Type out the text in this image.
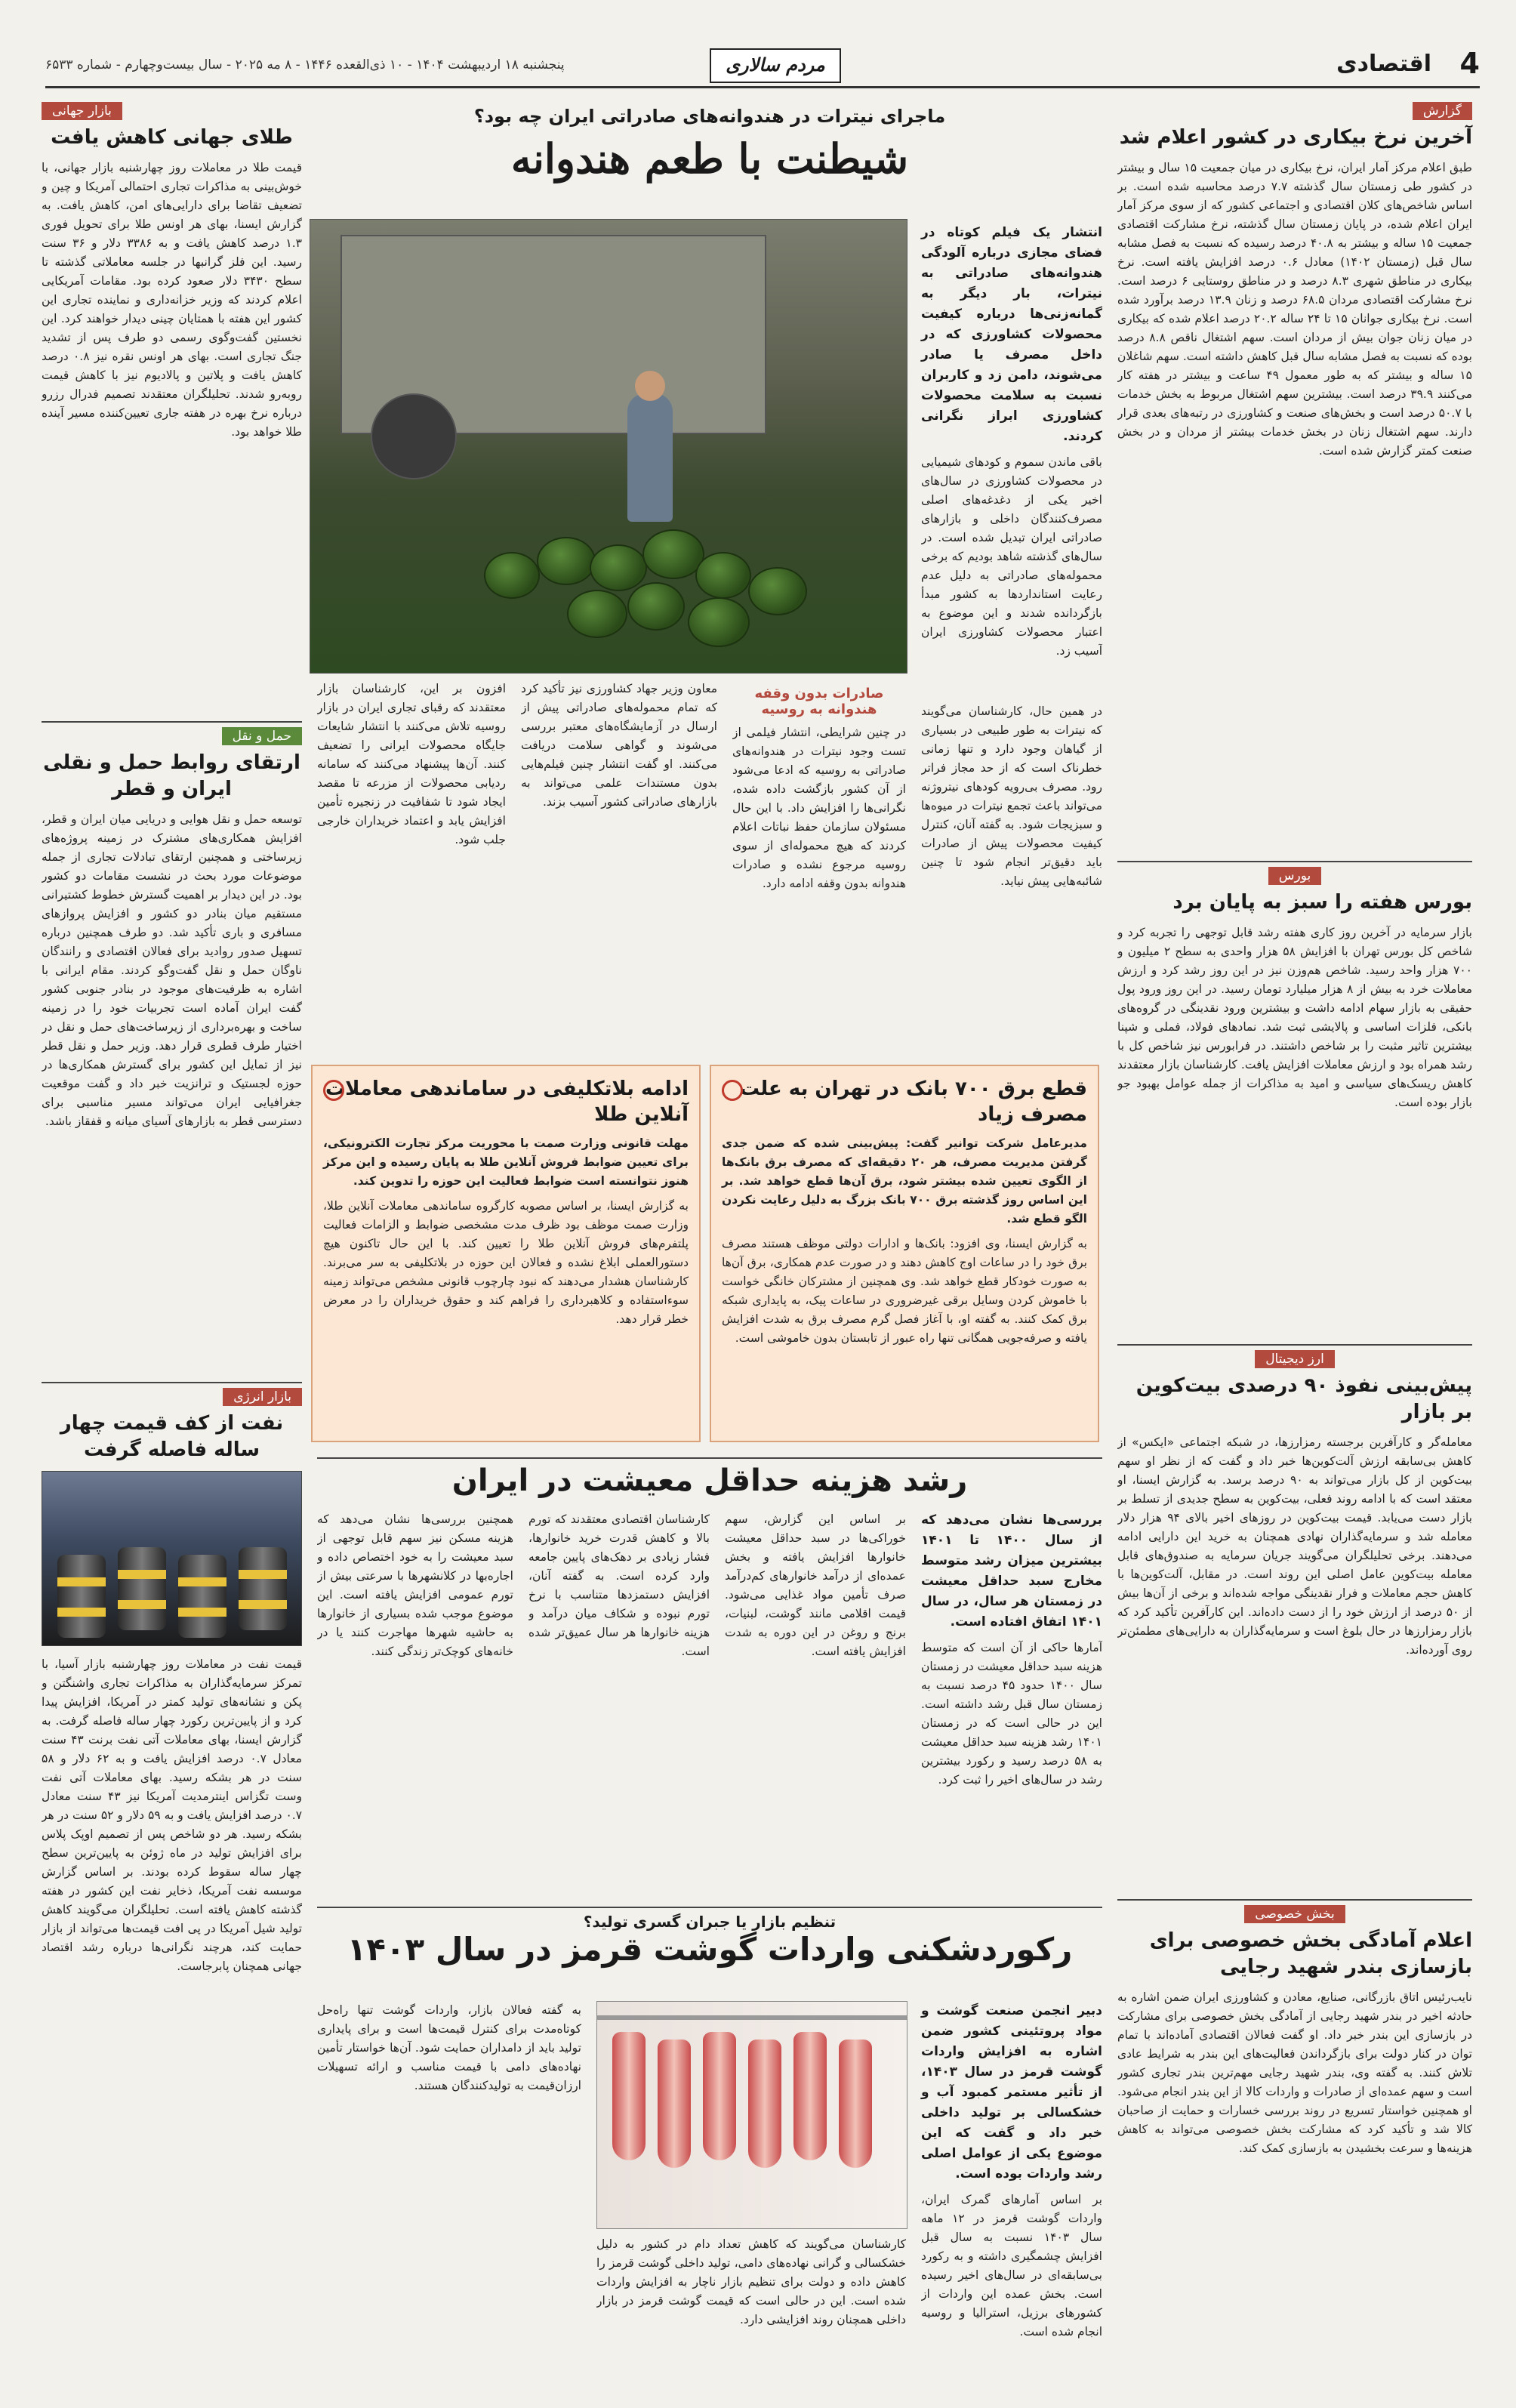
4
اقتصادی
مردم سالاری
پنجشنبه ۱۸ اردیبهشت ۱۴۰۴ - ۱۰ ذی‌القعده ۱۴۴۶ - ۸ مه ۲۰۲۵ - سال بیست‌وچهارم - شماره ۶۵۳۳
گزارش
آخرین نرخ بیکاری در کشور اعلام شد
طبق اعلام مرکز آمار ایران، نرخ بیکاری در میان جمعیت ۱۵ سال و بیشتر در کشور طی زمستان سال گذشته ۷.۷ درصد محاسبه شده است. بر اساس شاخص‌های کلان اقتصادی و اجتماعی کشور که از سوی مرکز آمار ایران اعلام شده، در پایان زمستان سال گذشته، نرخ مشارکت اقتصادی جمعیت ۱۵ ساله و بیشتر به ۴۰.۸ درصد رسیده که نسبت به فصل مشابه سال قبل (زمستان ۱۴۰۲) معادل ۰.۶ درصد افزایش یافته است. نرخ بیکاری در مناطق شهری ۸.۳ درصد و در مناطق روستایی ۶ درصد است. نرخ مشارکت اقتصادی مردان ۶۸.۵ درصد و زنان ۱۳.۹ درصد برآورد شده است. نرخ بیکاری جوانان ۱۵ تا ۲۴ ساله ۲۰.۲ درصد اعلام شده که بیکاری در میان زنان جوان بیش از مردان است. سهم اشتغال ناقص ۸.۸ درصد بوده که نسبت به فصل مشابه سال قبل کاهش داشته است. سهم شاغلان ۱۵ ساله و بیشتر که به طور معمول ۴۹ ساعت و بیشتر در هفته کار می‌کنند ۳۹.۹ درصد است. بیشترین سهم اشتغال مربوط به بخش خدمات با ۵۰.۷ درصد است و بخش‌های صنعت و کشاورزی در رتبه‌های بعدی قرار دارند. سهم اشتغال زنان در بخش خدمات بیشتر از مردان و در بخش صنعت کمتر گزارش شده است.
بورس
بورس هفته را سبز به پایان برد
بازار سرمایه در آخرین روز کاری هفته رشد قابل توجهی را تجربه کرد و شاخص کل بورس تهران با افزایش ۵۸ هزار واحدی به سطح ۲ میلیون و ۷۰۰ هزار واحد رسید. شاخص هم‌وزن نیز در این روز رشد کرد و ارزش معاملات خرد به بیش از ۸ هزار میلیارد تومان رسید. در این روز ورود پول حقیقی به بازار سهام ادامه داشت و بیشترین ورود نقدینگی در گروه‌های بانکی، فلزات اساسی و پالایشی ثبت شد. نمادهای فولاد، فملی و شپنا بیشترین تاثیر مثبت را بر شاخص داشتند. در فرابورس نیز شاخص کل با رشد همراه بود و ارزش معاملات افزایش یافت. کارشناسان بازار معتقدند کاهش ریسک‌های سیاسی و امید به مذاکرات از جمله عوامل بهبود جو بازار بوده است.
ارز دیجیتال
پیش‌بینی نفوذ ۹۰ درصدی بیت‌کوین بر بازار
معامله‌گر و کارآفرین برجسته رمزارزها، در شبکه اجتماعی «ایکس» از کاهش بی‌سابقه ارزش آلت‌کوین‌ها خبر داد و گفت که از نظر او سهم بیت‌کوین از کل بازار می‌تواند به ۹۰ درصد برسد. به گزارش ایسنا، او معتقد است که با ادامه روند فعلی، بیت‌کوین به سطح جدیدی از تسلط بر بازار دست می‌یابد. قیمت بیت‌کوین در روزهای اخیر بالای ۹۴ هزار دلار معامله شد و سرمایه‌گذاران نهادی همچنان به خرید این دارایی ادامه می‌دهند. برخی تحلیلگران می‌گویند جریان سرمایه به صندوق‌های قابل معامله بیت‌کوین عامل اصلی این روند است. در مقابل، آلت‌کوین‌ها با کاهش حجم معاملات و فرار نقدینگی مواجه شده‌اند و برخی از آن‌ها بیش از ۵۰ درصد از ارزش خود را از دست داده‌اند. این کارآفرین تأکید کرد که بازار رمزارزها در حال بلوغ است و سرمایه‌گذاران به دارایی‌های مطمئن‌تر روی آورده‌اند.
بخش خصوصی
اعلام آمادگی بخش خصوصی برای بازسازی بندر شهید رجایی
نایب‌رئیس اتاق بازرگانی، صنایع، معادن و کشاورزی ایران ضمن اشاره به حادثه اخیر در بندر شهید رجایی از آمادگی بخش خصوصی برای مشارکت در بازسازی این بندر خبر داد. او گفت فعالان اقتصادی آماده‌اند با تمام توان در کنار دولت برای بازگرداندن فعالیت‌های این بندر به شرایط عادی تلاش کنند. به گفته وی، بندر شهید رجایی مهم‌ترین بندر تجاری کشور است و سهم عمده‌ای از صادرات و واردات کالا از این بندر انجام می‌شود. او همچنین خواستار تسریع در روند بررسی خسارات و حمایت از صاحبان کالا شد و تأکید کرد که مشارکت بخش خصوصی می‌تواند به کاهش هزینه‌ها و سرعت بخشیدن به بازسازی کمک کند.
بازار جهانی
طلای جهانی کاهش یافت
قیمت طلا در معاملات روز چهارشنبه بازار جهانی، با خوش‌بینی به مذاکرات تجاری احتمالی آمریکا و چین و تضعیف تقاضا برای دارایی‌های امن، کاهش یافت. به گزارش ایسنا، بهای هر اونس طلا برای تحویل فوری ۱.۳ درصد کاهش یافت و به ۳۳۸۶ دلار و ۳۶ سنت رسید. این فلز گرانبها در جلسه معاملاتی گذشته تا سطح ۳۴۳۰ دلار صعود کرده بود. مقامات آمریکایی اعلام کردند که وزیر خزانه‌داری و نماینده تجاری این کشور این هفته با همتایان چینی دیدار خواهند کرد. این نخستین گفت‌وگوی رسمی دو طرف پس از تشدید جنگ تجاری است. بهای هر اونس نقره نیز ۰.۸ درصد کاهش یافت و پلاتین و پالادیوم نیز با کاهش قیمت روبه‌رو شدند. تحلیلگران معتقدند تصمیم فدرال رزرو درباره نرخ بهره در هفته جاری تعیین‌کننده مسیر آینده طلا خواهد بود.
حمل و نقل
ارتقای روابط حمل و نقلی ایران و قطر
توسعه حمل و نقل هوایی و دریایی میان ایران و قطر، افزایش همکاری‌های مشترک در زمینه پروژه‌های زیرساختی و همچنین ارتقای تبادلات تجاری از جمله موضوعات مورد بحث در نشست مقامات دو کشور بود. در این دیدار بر اهمیت گسترش خطوط کشتیرانی مستقیم میان بنادر دو کشور و افزایش پروازهای مسافری و باری تأکید شد. دو طرف همچنین درباره تسهیل صدور روادید برای فعالان اقتصادی و رانندگان ناوگان حمل و نقل گفت‌وگو کردند. مقام ایرانی با اشاره به ظرفیت‌های موجود در بنادر جنوبی کشور گفت ایران آماده است تجربیات خود را در زمینه ساخت و بهره‌برداری از زیرساخت‌های حمل و نقل در اختیار طرف قطری قرار دهد. وزیر حمل و نقل قطر نیز از تمایل این کشور برای گسترش همکاری‌ها در حوزه لجستیک و ترانزیت خبر داد و گفت موقعیت جغرافیایی ایران می‌تواند مسیر مناسبی برای دسترسی قطر به بازارهای آسیای میانه و قفقاز باشد.
بازار انرژی
نفت از کف قیمت چهار ساله فاصله گرفت
قیمت نفت در معاملات روز چهارشنبه بازار آسیا، با تمرکز سرمایه‌گذاران به مذاکرات تجاری واشنگتن و پکن و نشانه‌های تولید کمتر در آمریکا، افزایش پیدا کرد و از پایین‌ترین رکورد چهار ساله فاصله گرفت. به گزارش ایسنا، بهای معاملات آتی نفت برنت ۴۳ سنت معادل ۰.۷ درصد افزایش یافت و به ۶۲ دلار و ۵۸ سنت در هر بشکه رسید. بهای معاملات آتی نفت وست تگزاس اینترمدیت آمریکا نیز ۴۳ سنت معادل ۰.۷ درصد افزایش یافت و به ۵۹ دلار و ۵۲ سنت در هر بشکه رسید. هر دو شاخص پس از تصمیم اوپک پلاس برای افزایش تولید در ماه ژوئن به پایین‌ترین سطح چهار ساله سقوط کرده بودند. بر اساس گزارش موسسه نفت آمریکا، ذخایر نفت این کشور در هفته گذشته کاهش یافته است. تحلیلگران می‌گویند کاهش تولید شیل آمریکا در پی افت قیمت‌ها می‌تواند از بازار حمایت کند، هرچند نگرانی‌ها درباره رشد اقتصاد جهانی همچنان پابرجاست.
ماجرای نیترات در هندوانه‌های صادراتی ایران چه بود؟
شیطنت با طعم هندوانه
انتشار یک فیلم کوتاه در فضای مجازی درباره آلودگی هندوانه‌های صادراتی به نیترات، بار دیگر به گمانه‌زنی‌ها درباره کیفیت محصولات کشاورزی که در داخل مصرف یا صادر می‌شوند، دامن زد و کاربران نسبت به سلامت محصولات کشاورزی ابراز نگرانی کردند.
باقی ماندن سموم و کودهای شیمیایی در محصولات کشاورزی در سال‌های اخیر یکی از دغدغه‌های اصلی مصرف‌کنندگان داخلی و بازارهای صادراتی ایران تبدیل شده است. در سال‌های گذشته شاهد بودیم که برخی محموله‌های صادراتی به دلیل عدم رعایت استانداردها به کشور مبدأ بازگردانده شدند و این موضوع به اعتبار محصولات کشاورزی ایران آسیب زد.
در همین حال، کارشناسان می‌گویند که نیترات به طور طبیعی در بسیاری از گیاهان وجود دارد و تنها زمانی خطرناک است که از حد مجاز فراتر رود. مصرف بی‌رویه کودهای نیتروژنه می‌تواند باعث تجمع نیترات در میوه‌ها و سبزیجات شود. به گفته آنان، کنترل کیفیت محصولات پیش از صادرات باید دقیق‌تر انجام شود تا چنین شائبه‌هایی پیش نیاید.
صادرات بدون وقفه هندوانه به روسیه
در چنین شرایطی، انتشار فیلمی از تست وجود نیترات در هندوانه‌های صادراتی به روسیه که ادعا می‌شود از آن کشور بازگشت داده شده، نگرانی‌ها را افزایش داد. با این حال مسئولان سازمان حفظ نباتات اعلام کردند که هیچ محموله‌ای از سوی روسیه مرجوع نشده و صادرات هندوانه بدون وقفه ادامه دارد.
معاون وزیر جهاد کشاورزی نیز تأکید کرد که تمام محموله‌های صادراتی پیش از ارسال در آزمایشگاه‌های معتبر بررسی می‌شوند و گواهی سلامت دریافت می‌کنند. او گفت انتشار چنین فیلم‌هایی بدون مستندات علمی می‌تواند به بازارهای صادراتی کشور آسیب بزند.
افزون بر این، کارشناسان بازار معتقدند که رقبای تجاری ایران در بازار روسیه تلاش می‌کنند با انتشار شایعات جایگاه محصولات ایرانی را تضعیف کنند. آن‌ها پیشنهاد می‌کنند که سامانه ردیابی محصولات از مزرعه تا مقصد ایجاد شود تا شفافیت در زنجیره تأمین افزایش یابد و اعتماد خریداران خارجی جلب شود.
قطع برق ۷۰۰ بانک در تهران به علت مصرف زیاد
مدیرعامل شرکت توانیر گفت: پیش‌بینی شده که ضمن جدی گرفتن مدیریت مصرف، هر ۲۰ دقیقه‌ای که مصرف برق بانک‌ها از الگوی تعیین شده بیشتر شود، برق آن‌ها قطع خواهد شد. بر این اساس روز گذشته برق ۷۰۰ بانک بزرگ به دلیل رعایت نکردن الگو قطع شد.
به گزارش ایسنا، وی افزود: بانک‌ها و ادارات دولتی موظف هستند مصرف برق خود را در ساعات اوج کاهش دهند و در صورت عدم همکاری، برق آن‌ها به صورت خودکار قطع خواهد شد. وی همچنین از مشترکان خانگی خواست با خاموش کردن وسایل برقی غیرضروری در ساعات پیک، به پایداری شبکه برق کمک کنند. به گفته او، با آغاز فصل گرم مصرف برق به شدت افزایش یافته و صرفه‌جویی همگانی تنها راه عبور از تابستان بدون خاموشی است.
ادامه بلاتکلیفی در ساماندهی معاملات آنلاین طلا
مهلت قانونی وزارت صمت با محوریت مرکز تجارت الکترونیکی، برای تعیین ضوابط فروش آنلاین طلا به پایان رسیده و این مرکز هنوز نتوانسته است ضوابط فعالیت این حوزه را تدوین کند.
به گزارش ایسنا، بر اساس مصوبه کارگروه ساماندهی معاملات آنلاین طلا، وزارت صمت موظف بود ظرف مدت مشخصی ضوابط و الزامات فعالیت پلتفرم‌های فروش آنلاین طلا را تعیین کند. با این حال تاکنون هیچ دستورالعملی ابلاغ نشده و فعالان این حوزه در بلاتکلیفی به سر می‌برند. کارشناسان هشدار می‌دهند که نبود چارچوب قانونی مشخص می‌تواند زمینه سوءاستفاده و کلاهبرداری را فراهم کند و حقوق خریداران را در معرض خطر قرار دهد.
رشد هزینه حداقل معیشت در ایران
بررسی‌ها نشان می‌دهد که از سال ۱۴۰۰ تا ۱۴۰۱ بیشترین میزان رشد متوسط مخارج سبد حداقل معیشت در زمستان هر سال، در سال ۱۴۰۱ اتفاق افتاده است.
آمارها حاکی از آن است که متوسط هزینه سبد حداقل معیشت در زمستان سال ۱۴۰۰ حدود ۴۵ درصد نسبت به زمستان سال قبل رشد داشته است. این در حالی است که در زمستان ۱۴۰۱ رشد هزینه سبد حداقل معیشت به ۵۸ درصد رسید و رکورد بیشترین رشد در سال‌های اخیر را ثبت کرد.
بر اساس این گزارش، سهم خوراکی‌ها در سبد حداقل معیشت خانوارها افزایش یافته و بخش عمده‌ای از درآمد خانوارهای کم‌درآمد صرف تأمین مواد غذایی می‌شود. قیمت اقلامی مانند گوشت، لبنیات، برنج و روغن در این دوره به شدت افزایش یافته است.
کارشناسان اقتصادی معتقدند که تورم بالا و کاهش قدرت خرید خانوارها، فشار زیادی بر دهک‌های پایین جامعه وارد کرده است. به گفته آنان، افزایش دستمزدها متناسب با نرخ تورم نبوده و شکاف میان درآمد و هزینه خانوارها هر سال عمیق‌تر شده است.
همچنین بررسی‌ها نشان می‌دهد که هزینه مسکن نیز سهم قابل توجهی از سبد معیشت را به خود اختصاص داده و اجاره‌بها در کلانشهرها با سرعتی بیش از تورم عمومی افزایش یافته است. این موضوع موجب شده بسیاری از خانوارها به حاشیه شهرها مهاجرت کنند یا در خانه‌های کوچک‌تر زندگی کنند.
تنظیم بازار یا جبران گسری تولید؟
رکوردشکنی واردات گوشت قرمز در سال ۱۴۰۳
دبیر انجمن صنعت گوشت و مواد پروتئینی کشور ضمن اشاره به افزایش واردات گوشت قرمز در سال ۱۴۰۳، از تأثیر مستمر کمبود آب و خشکسالی بر تولید داخلی خبر داد و گفت که این موضوع یکی از عوامل اصلی رشد واردات بوده است.
بر اساس آمارهای گمرک ایران، واردات گوشت قرمز در ۱۲ ماهه سال ۱۴۰۳ نسبت به سال قبل افزایش چشمگیری داشته و به رکورد بی‌سابقه‌ای در سال‌های اخیر رسیده است. بخش عمده این واردات از کشورهای برزیل، استرالیا و روسیه انجام شده است.
کارشناسان می‌گویند که کاهش تعداد دام در کشور به دلیل خشکسالی و گرانی نهاده‌های دامی، تولید داخلی گوشت قرمز را کاهش داده و دولت برای تنظیم بازار ناچار به افزایش واردات شده است. این در حالی است که قیمت گوشت قرمز در بازار داخلی همچنان روند افزایشی دارد.
به گفته فعالان بازار، واردات گوشت تنها راه‌حل کوتاه‌مدت برای کنترل قیمت‌ها است و برای پایداری تولید باید از دامداران حمایت شود. آن‌ها خواستار تأمین نهاده‌های دامی با قیمت مناسب و ارائه تسهیلات ارزان‌قیمت به تولیدکنندگان هستند.
